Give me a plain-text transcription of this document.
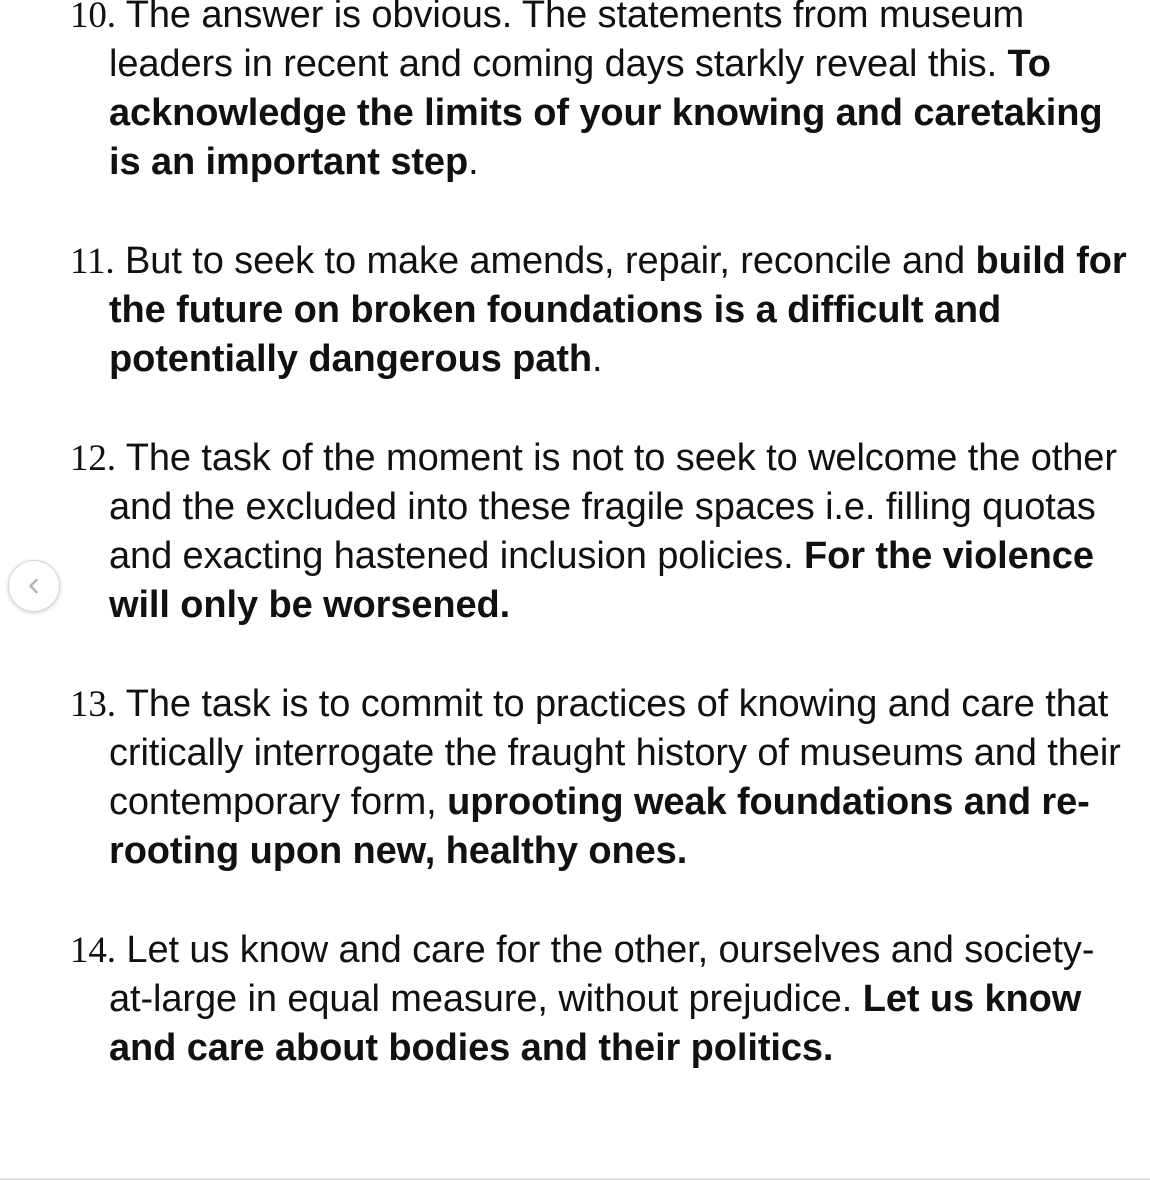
10. The answer is obvious. The statements from museum leaders in recent and coming days starkly reveal this. To acknowledge the limits of your knowing and caretaking is an important step.

11. But to seek to make amends, repair, reconcile and build for the future on broken foundations is a difficult and potentially dangerous path.

12. The task of the moment is not to seek to welcome the other and the excluded into these fragile spaces i.e. filling quotas and exacting hastened inclusion policies. For the violence will only be worsened.

13. The task is to commit to practices of knowing and care that critically interrogate the fraught history of museums and their contemporary form, uprooting weak foundations and re-rooting upon new, healthy ones.

14. Let us know and care for the other, ourselves and society-at-large in equal measure, without prejudice. Let us know and care about bodies and their politics.
